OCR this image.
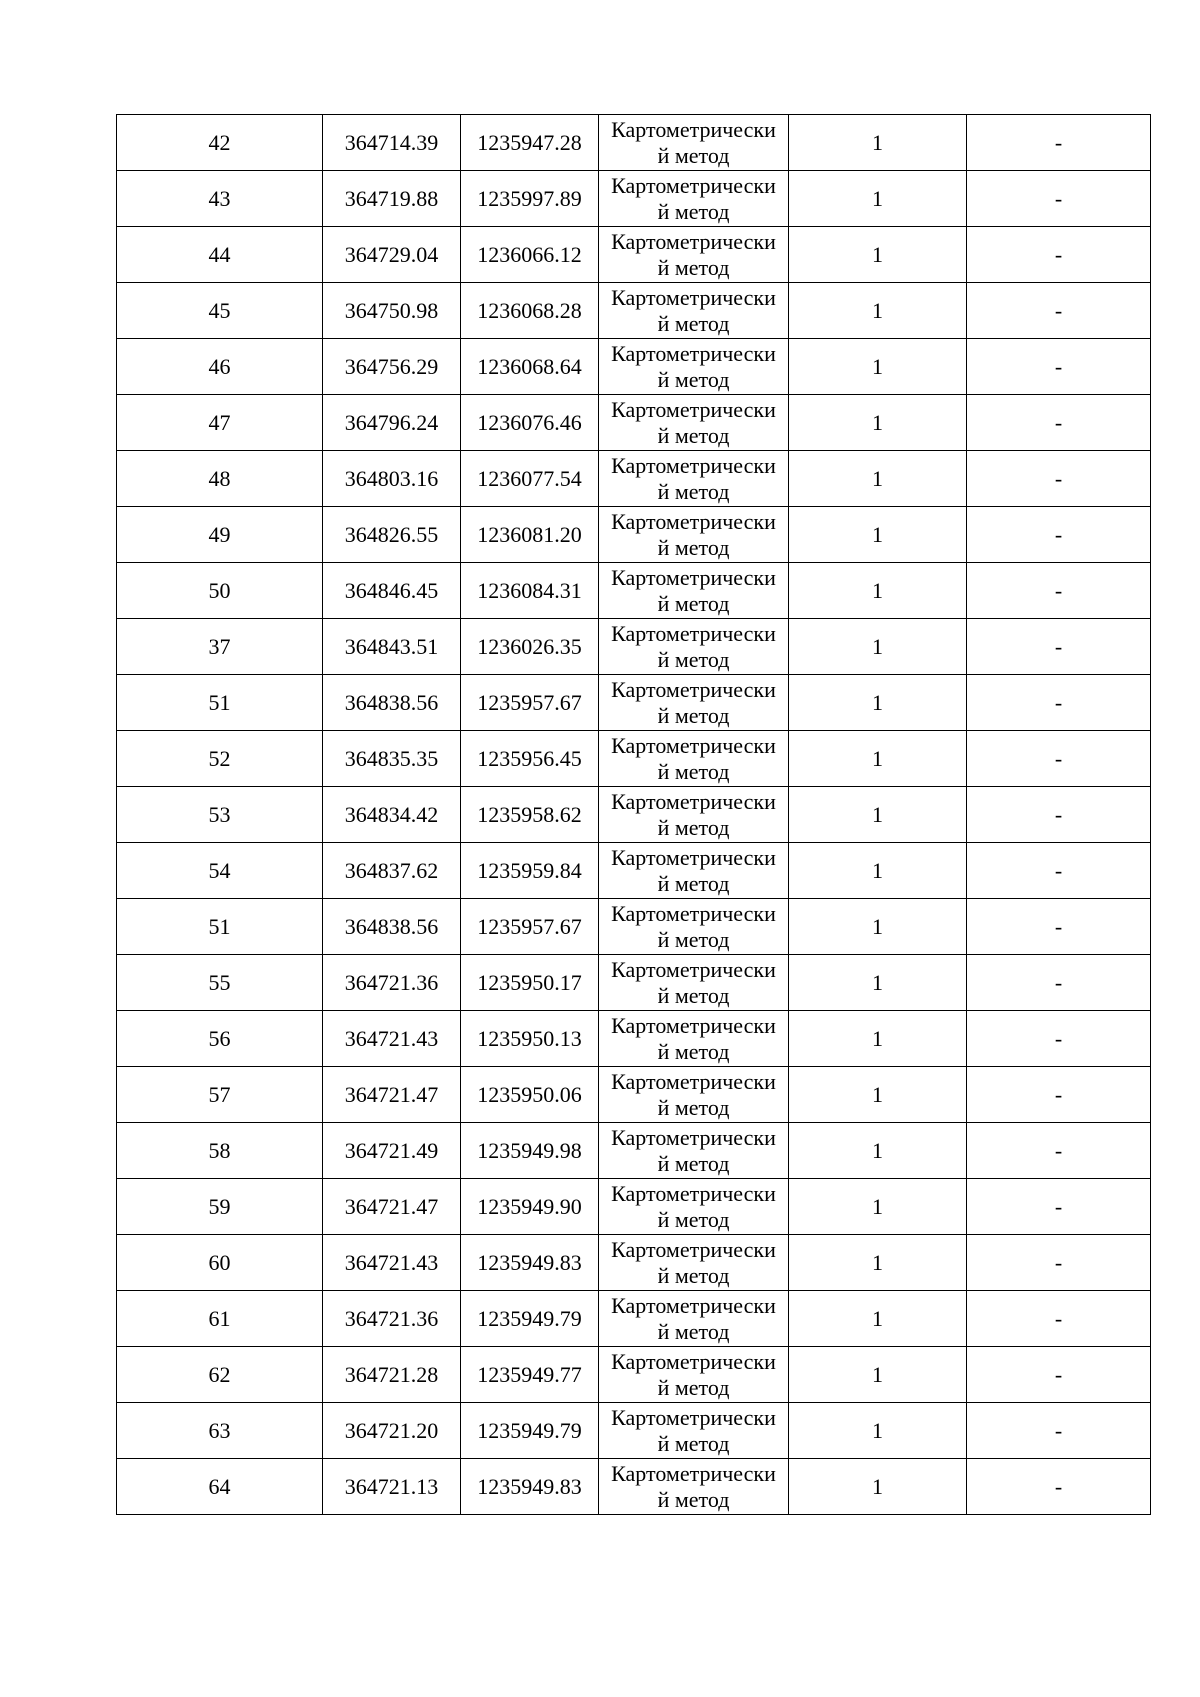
42	364714.39	1235947.28	Картометрически
й метод	1	-
43	364719.88	1235997.89	Картометрически
й метод	1	-
44	364729.04	1236066.12	Картометрически
й метод	1	-
45	364750.98	1236068.28	Картометрически
й метод	1	-
46	364756.29	1236068.64	Картометрически
й метод	1	-
47	364796.24	1236076.46	Картометрически
й метод	1	-
48	364803.16	1236077.54	Картометрически
й метод	1	-
49	364826.55	1236081.20	Картометрически
й метод	1	-
50	364846.45	1236084.31	Картометрически
й метод	1	-
37	364843.51	1236026.35	Картометрически
й метод	1	-
51	364838.56	1235957.67	Картометрически
й метод	1	-
52	364835.35	1235956.45	Картометрически
й метод	1	-
53	364834.42	1235958.62	Картометрически
й метод	1	-
54	364837.62	1235959.84	Картометрически
й метод	1	-
51	364838.56	1235957.67	Картометрически
й метод	1	-
55	364721.36	1235950.17	Картометрически
й метод	1	-
56	364721.43	1235950.13	Картометрически
й метод	1	-
57	364721.47	1235950.06	Картометрически
й метод	1	-
58	364721.49	1235949.98	Картометрически
й метод	1	-
59	364721.47	1235949.90	Картометрически
й метод	1	-
60	364721.43	1235949.83	Картометрически
й метод	1	-
61	364721.36	1235949.79	Картометрически
й метод	1	-
62	364721.28	1235949.77	Картометрически
й метод	1	-
63	364721.20	1235949.79	Картометрически
й метод	1	-
64	364721.13	1235949.83	Картометрически
й метод	1	-
